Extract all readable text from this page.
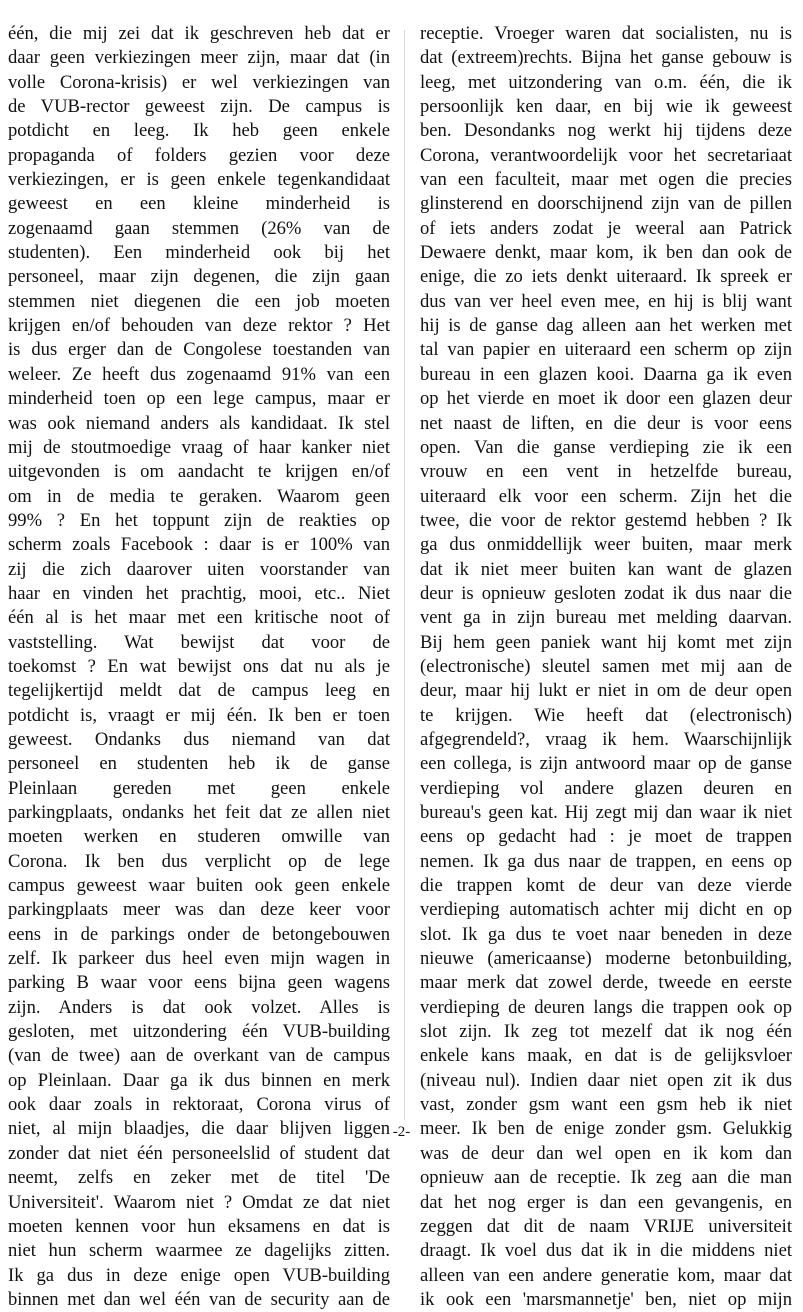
één, die mij zei dat ik geschreven heb dat er
daar geen verkiezingen meer zijn, maar dat (in
volle Corona-krisis) er wel verkiezingen van
de VUB-rector geweest zijn. De campus is
potdicht en leeg. Ik heb geen enkele
propaganda of folders gezien voor deze
verkiezingen, er is geen enkele tegenkandidaat
geweest en een kleine minderheid is
zogenaamd gaan stemmen (26% van de
studenten). Een minderheid ook bij het
personeel, maar zijn degenen, die zijn gaan
stemmen niet diegenen die een job moeten
krijgen en/of behouden van deze rektor ? Het
is dus erger dan de Congolese toestanden van
weleer. Ze heeft dus zogenaamd 91% van een
minderheid toen op een lege campus, maar er
was ook niemand anders als kandidaat. Ik stel
mij de stoutmoedige vraag of haar kanker niet
uitgevonden is om aandacht te krijgen en/of
om in de media te geraken. Waarom geen
99% ? En het toppunt zijn de reakties op
scherm zoals Facebook : daar is er 100% van
zij die zich daarover uiten voorstander van
haar en vinden het prachtig, mooi, etc.. Niet
één al is het maar met een kritische noot of
vaststelling. Wat bewijst dat voor de
toekomst ? En wat bewijst ons dat nu als je
tegelijkertijd meldt dat de campus leeg en
potdicht is, vraagt er mij één. Ik ben er toen
geweest. Ondanks dus niemand van dat
personeel en studenten heb ik de ganse
Pleinlaan gereden met geen enkele
parkingplaats, ondanks het feit dat ze allen niet
moeten werken en studeren omwille van
Corona. Ik ben dus verplicht op de lege
campus geweest waar buiten ook geen enkele
parkingplaats meer was dan deze keer voor
eens in de parkings onder de betongebouwen
zelf. Ik parkeer dus heel even mijn wagen in
parking B waar voor eens bijna geen wagens
zijn. Anders is dat ook volzet. Alles is
gesloten, met uitzondering één VUB-building
(van de twee) aan de overkant van de campus
op Pleinlaan. Daar ga ik dus binnen en merk
ook daar zoals in rektoraat, Corona virus of
niet, al mijn blaadjes, die daar blijven liggen
zonder dat niet één personeelslid of student dat
neemt, zelfs en zeker met de titel 'De
Universiteit'. Waarom niet ? Omdat ze dat niet
moeten kennen voor hun eksamens en dat is
niet hun scherm waarmee ze dagelijks zitten.
Ik ga dus in deze enige open VUB-building
binnen met dan wel één van de security aan de
receptie. Vroeger waren dat socialisten, nu is
dat (extreem)rechts. Bijna het ganse gebouw is
leeg, met uitzondering van o.m. één, die ik
persoonlijk ken daar, en bij wie ik geweest
ben. Desondanks nog werkt hij tijdens deze
Corona, verantwoordelijk voor het secretariaat
van een faculteit, maar met ogen die precies
glinsterend en doorschijnend zijn van de pillen
of iets anders zodat je weeral aan Patrick
Dewaere denkt, maar kom, ik ben dan ook de
enige, die zo iets denkt uiteraard. Ik spreek er
dus van ver heel even mee, en hij is blij want
hij is de ganse dag alleen aan het werken met
tal van papier en uiteraard een scherm op zijn
bureau in een glazen kooi. Daarna ga ik even
op het vierde en moet ik door een glazen deur
net naast de liften, en die deur is voor eens
open. Van die ganse verdieping zie ik een
vrouw en een vent in hetzelfde bureau,
uiteraard elk voor een scherm. Zijn het die
twee, die voor de rektor gestemd hebben ? Ik
ga dus onmiddellijk weer buiten, maar merk
dat ik niet meer buiten kan want de glazen
deur is opnieuw gesloten zodat ik dus naar die
vent ga in zijn bureau met melding daarvan.
Bij hem geen paniek want hij komt met zijn
(electronische) sleutel samen met mij aan de
deur, maar hij lukt er niet in om de deur open
te krijgen. Wie heeft dat (electronisch)
afgegrendeld?, vraag ik hem. Waarschijnlijk
een collega, is zijn antwoord maar op de ganse
verdieping vol andere glazen deuren en
bureau's geen kat. Hij zegt mij dan waar ik niet
eens op gedacht had : je moet de trappen
nemen. Ik ga dus naar de trappen, en eens op
die trappen komt de deur van deze vierde
verdieping automatisch achter mij dicht en op
slot. Ik ga dus te voet naar beneden in deze
nieuwe (americaanse) moderne betonbuilding,
maar merk dat zowel derde, tweede en eerste
verdieping de deuren langs die trappen ook op
slot zijn. Ik zeg tot mezelf dat ik nog één
enkele kans maak, en dat is de gelijksvloer
(niveau nul). Indien daar niet open zit ik dus
vast, zonder gsm want een gsm heb ik niet
meer. Ik ben de enige zonder gsm. Gelukkig
was de deur dan wel open en ik kom dan
opnieuw aan de receptie. Ik zeg aan die man
dat het nog erger is dan een gevangenis, en
zeggen dat dit de naam VRIJE universiteit
draagt. Ik voel dus dat ik in die middens niet
alleen van een andere generatie kom, maar dat
ik ook een 'marsmannetje' ben, niet op mijn
-2-
